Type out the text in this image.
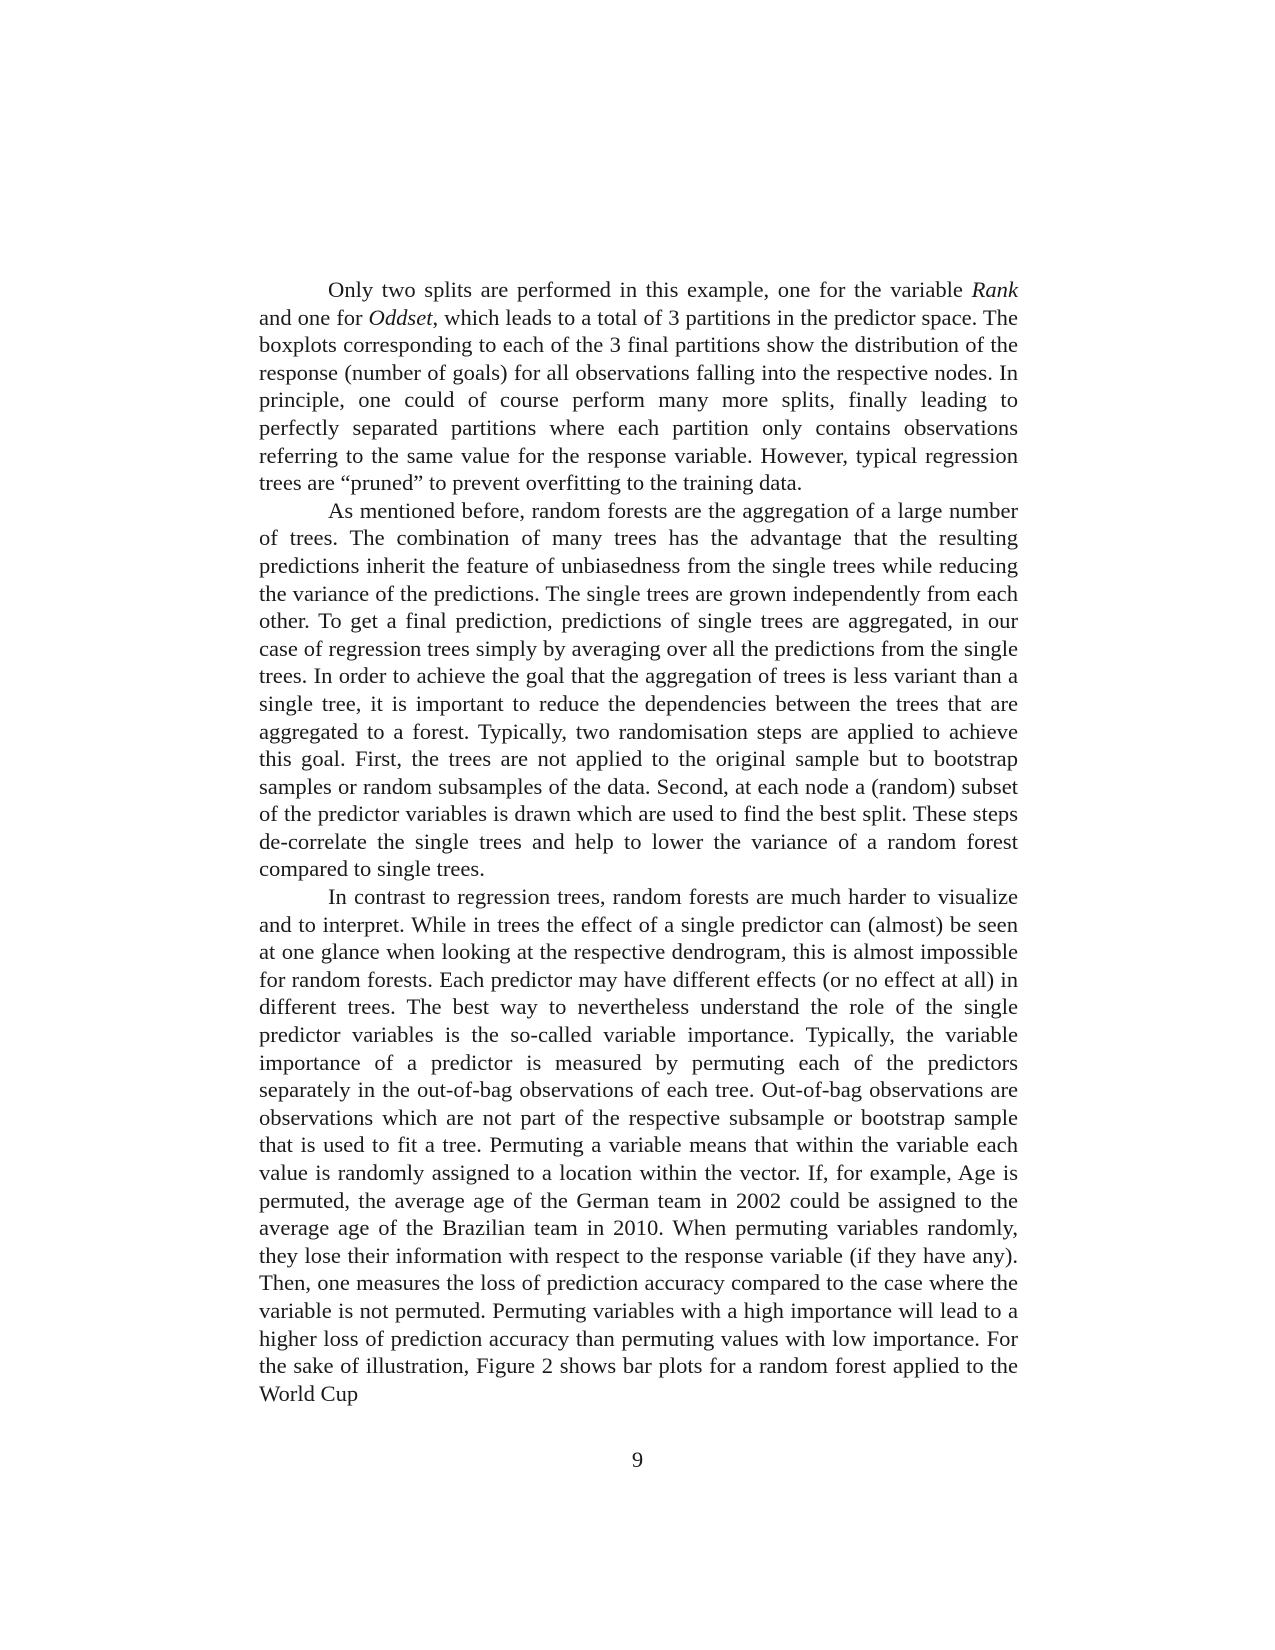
Only two splits are performed in this example, one for the variable Rank and one for Oddset, which leads to a total of 3 partitions in the predictor space. The boxplots corresponding to each of the 3 final partitions show the distribution of the response (number of goals) for all observations falling into the respective nodes. In principle, one could of course perform many more splits, finally leading to perfectly separated partitions where each partition only contains observations referring to the same value for the response variable. However, typical regression trees are “pruned” to prevent overfitting to the training data.

As mentioned before, random forests are the aggregation of a large number of trees. The combination of many trees has the advantage that the resulting predictions inherit the feature of unbiasedness from the single trees while reducing the variance of the predictions. The single trees are grown independently from each other. To get a final prediction, predictions of single trees are aggregated, in our case of regression trees simply by averaging over all the predictions from the single trees. In order to achieve the goal that the aggregation of trees is less variant than a single tree, it is important to reduce the dependencies between the trees that are aggregated to a forest. Typically, two randomisation steps are applied to achieve this goal. First, the trees are not applied to the original sample but to bootstrap samples or random subsamples of the data. Second, at each node a (random) subset of the predictor variables is drawn which are used to find the best split. These steps de-correlate the single trees and help to lower the variance of a random forest compared to single trees.

In contrast to regression trees, random forests are much harder to visualize and to interpret. While in trees the effect of a single predictor can (almost) be seen at one glance when looking at the respective dendrogram, this is almost impossible for random forests. Each predictor may have different effects (or no effect at all) in different trees. The best way to nevertheless understand the role of the single predictor variables is the so-called variable importance. Typically, the variable importance of a predictor is measured by permuting each of the predictors separately in the out-of-bag observations of each tree. Out-of-bag observations are observations which are not part of the respective subsample or bootstrap sample that is used to fit a tree. Permuting a variable means that within the variable each value is randomly assigned to a location within the vector. If, for example, Age is permuted, the average age of the German team in 2002 could be assigned to the average age of the Brazilian team in 2010. When permuting variables randomly, they lose their information with respect to the response variable (if they have any). Then, one measures the loss of prediction accuracy compared to the case where the variable is not permuted. Permuting variables with a high importance will lead to a higher loss of prediction accuracy than permuting values with low importance. For the sake of illustration, Figure 2 shows bar plots for a random forest applied to the World Cup

9
